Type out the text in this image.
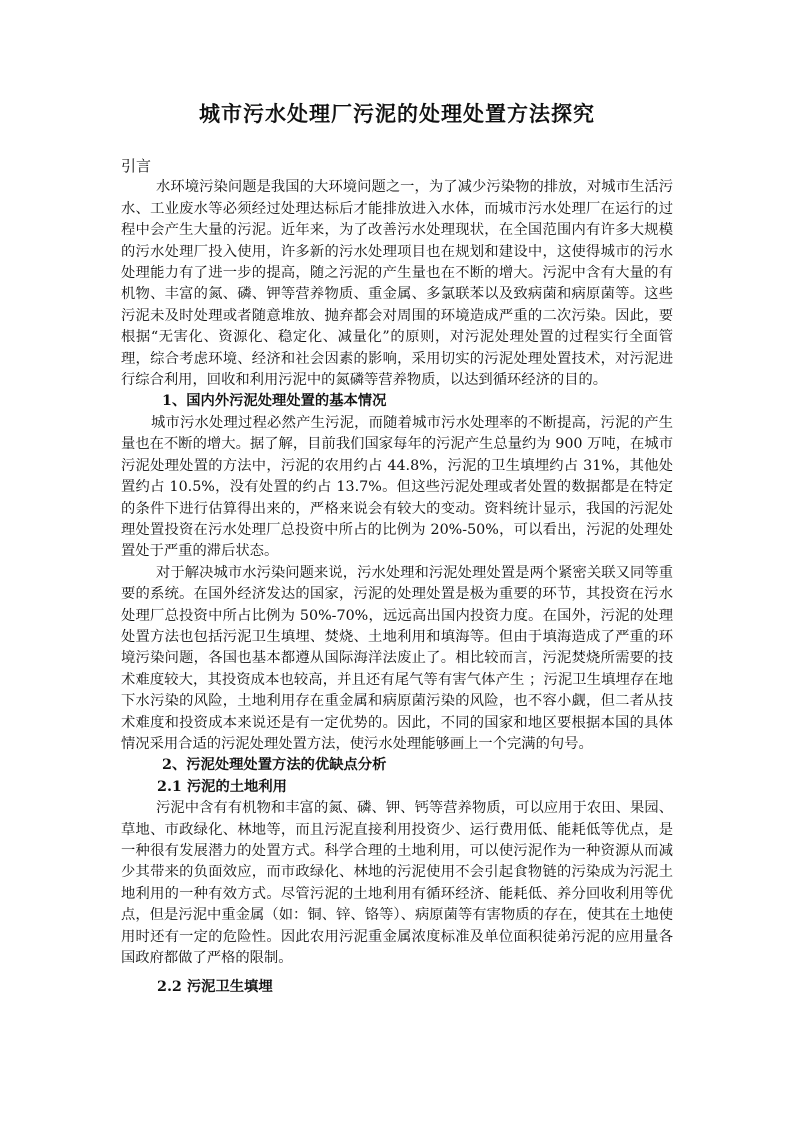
城市污水处理厂污泥的处理处置方法探究

引言

水环境污染问题是我国的大环境问题之一，为了减少污染物的排放，对城市生活污水、工业废水等必须经过处理达标后才能排放进入水体，而城市污水处理厂在运行的过程中会产生大量的污泥。近年来，为了改善污水处理现状，在全国范围内有许多大规模的污水处理厂投入使用，许多新的污水处理项目也在规划和建设中，这使得城市的污水处理能力有了进一步的提高，随之污泥的产生量也在不断的增大。污泥中含有大量的有机物、丰富的氮、磷、钾等营养物质、重金属、多氯联苯以及致病菌和病原菌等。这些污泥未及时处理或者随意堆放、抛弃都会对周围的环境造成严重的二次污染。因此，要根据“无害化、资源化、稳定化、减量化”的原则，对污泥处理处置的过程实行全面管理，综合考虑环境、经济和社会因素的影响，采用切实的污泥处理处置技术，对污泥进行综合利用，回收和利用污泥中的氮磷等营养物质，以达到循环经济的目的。

1、国内外污泥处理处置的基本情况

城市污水处理过程必然产生污泥，而随着城市污水处理率的不断提高，污泥的产生量也在不断的增大。据了解，目前我们国家每年的污泥产生总量约为 900 万吨，在城市污泥处理处置的方法中，污泥的农用约占 44.8%，污泥的卫生填埋约占 31%，其他处置约占 10.5%，没有处置的约占 13.7%。但这些污泥处理或者处置的数据都是在特定的条件下进行估算得出来的，严格来说会有较大的变动。资料统计显示，我国的污泥处理处置投资在污水处理厂总投资中所占的比例为 20%-50%，可以看出，污泥的处理处置处于严重的滞后状态。

对于解决城市水污染问题来说，污水处理和污泥处理处置是两个紧密关联又同等重要的系统。在国外经济发达的国家，污泥的处理处置是极为重要的环节，其投资在污水处理厂总投资中所占比例为 50%-70%，远远高出国内投资力度。在国外，污泥的处理处置方法也包括污泥卫生填埋、焚烧、土地利用和填海等。但由于填海造成了严重的环境污染问题，各国也基本都遵从国际海洋法废止了。相比较而言，污泥焚烧所需要的技术难度较大，其投资成本也较高，并且还有尾气等有害气体产生 ；污泥卫生填埋存在地下水污染的风险，土地利用存在重金属和病原菌污染的风险，也不容小觑，但二者从技术难度和投资成本来说还是有一定优势的。因此，不同的国家和地区要根据本国的具体情况采用合适的污泥处理处置方法，使污水处理能够画上一个完满的句号。

2、污泥处理处置方法的优缺点分析

2.1 污泥的土地利用

污泥中含有有机物和丰富的氮、磷、钾、钙等营养物质，可以应用于农田、果园、草地、市政绿化、林地等，而且污泥直接利用投资少、运行费用低、能耗低等优点，是一种很有发展潜力的处置方式。科学合理的土地利用，可以使污泥作为一种资源从而减少其带来的负面效应，而市政绿化、林地的污泥使用不会引起食物链的污染成为污泥土地利用的一种有效方式。尽管污泥的土地利用有循环经济、能耗低、养分回收利用等优点，但是污泥中重金属（如：铜、锌、铬等）、病原菌等有害物质的存在，使其在土地使用时还有一定的危险性。因此农用污泥重金属浓度标准及单位面积徒弟污泥的应用量各国政府都做了严格的限制。

2.2 污泥卫生填埋
